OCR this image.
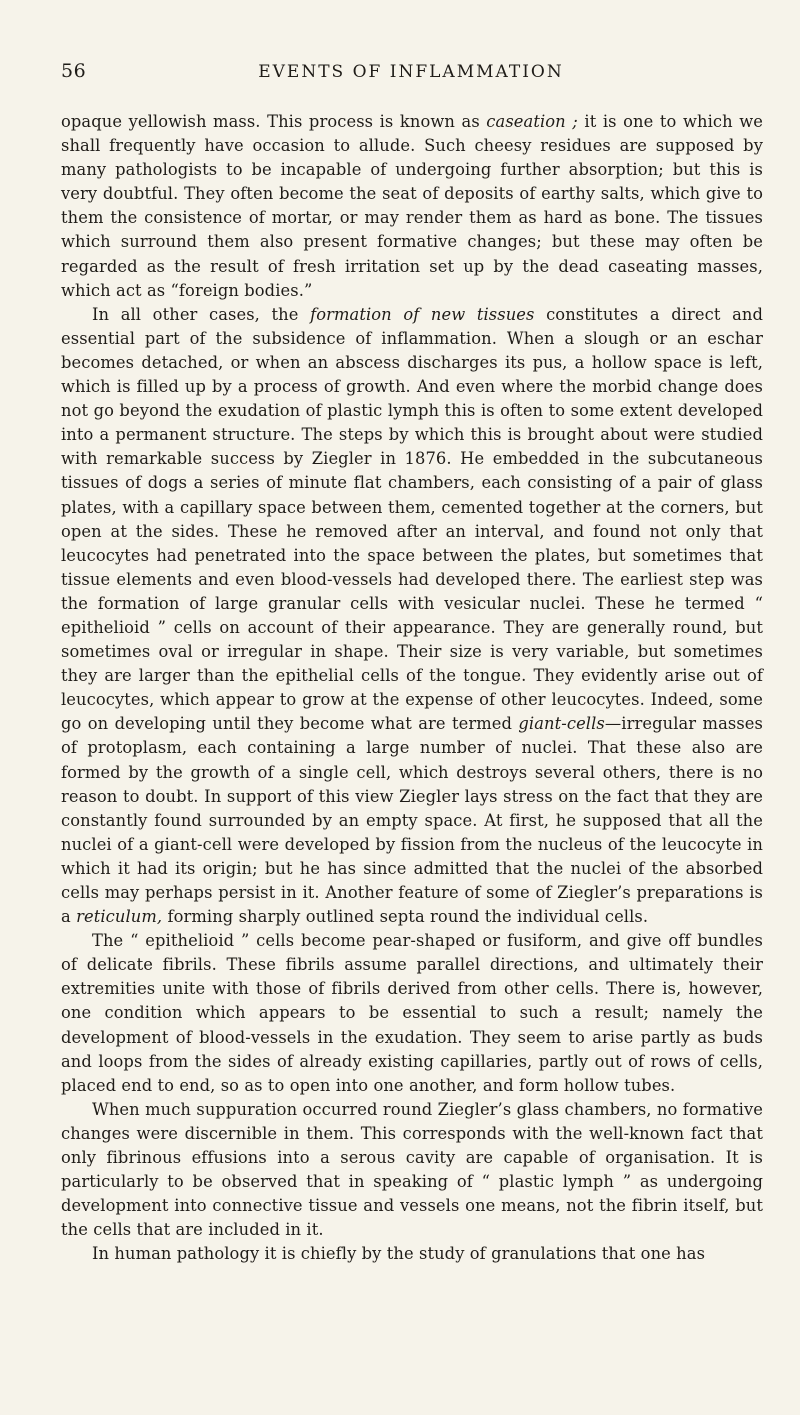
56	EVENTS OF INFLAMMATION

opaque yellowish mass. This process is known as caseation ; it is one to which we shall frequently have occasion to allude. Such cheesy residues are supposed by many pathologists to be incapable of undergoing further absorption; but this is very doubtful. They often become the seat of deposits of earthy salts, which give to them the consistence of mortar, or may render them as hard as bone. The tissues which surround them also present formative changes; but these may often be regarded as the result of fresh irritation set up by the dead caseating masses, which act as “foreign bodies.”

In all other cases, the formation of new tissues constitutes a direct and essential part of the subsidence of inflammation. When a slough or an eschar becomes detached, or when an abscess discharges its pus, a hollow space is left, which is filled up by a process of growth. And even where the morbid change does not go beyond the exudation of plastic lymph this is often to some extent developed into a permanent structure. The steps by which this is brought about were studied with remarkable success by Ziegler in 1876. He embedded in the subcutaneous tissues of dogs a series of minute flat chambers, each consisting of a pair of glass plates, with a capillary space between them, cemented together at the corners, but open at the sides. These he removed after an interval, and found not only that leucocytes had penetrated into the space between the plates, but sometimes that tissue elements and even blood-vessels had developed there. The earliest step was the formation of large granular cells with vesicular nuclei. These he termed “ epithelioid ” cells on account of their appearance. They are generally round, but sometimes oval or irregular in shape. Their size is very variable, but sometimes they are larger than the epithelial cells of the tongue. They evidently arise out of leucocytes, which appear to grow at the expense of other leucocytes. Indeed, some go on developing until they become what are termed giant-cells—irregular masses of protoplasm, each containing a large number of nuclei. That these also are formed by the growth of a single cell, which destroys several others, there is no reason to doubt. In support of this view Ziegler lays stress on the fact that they are constantly found surrounded by an empty space. At first, he supposed that all the nuclei of a giant-cell were developed by fission from the nucleus of the leucocyte in which it had its origin; but he has since admitted that the nuclei of the absorbed cells may perhaps persist in it. Another feature of some of Ziegler’s preparations is a reticulum, forming sharply outlined septa round the individual cells.

The “ epithelioid ” cells become pear-shaped or fusiform, and give off bundles of delicate fibrils. These fibrils assume parallel directions, and ultimately their extremities unite with those of fibrils derived from other cells. There is, however, one condition which appears to be essential to such a result; namely the development of blood-vessels in the exudation. They seem to arise partly as buds and loops from the sides of already existing capillaries, partly out of rows of cells, placed end to end, so as to open into one another, and form hollow tubes.

When much suppuration occurred round Ziegler’s glass chambers, no formative changes were discernible in them. This corresponds with the well-known fact that only fibrinous effusions into a serous cavity are capable of organisation. It is particularly to be observed that in speaking of “ plastic lymph ” as undergoing development into connective tissue and vessels one means, not the fibrin itself, but the cells that are included in it.

In human pathology it is chiefly by the study of granulations that one has
